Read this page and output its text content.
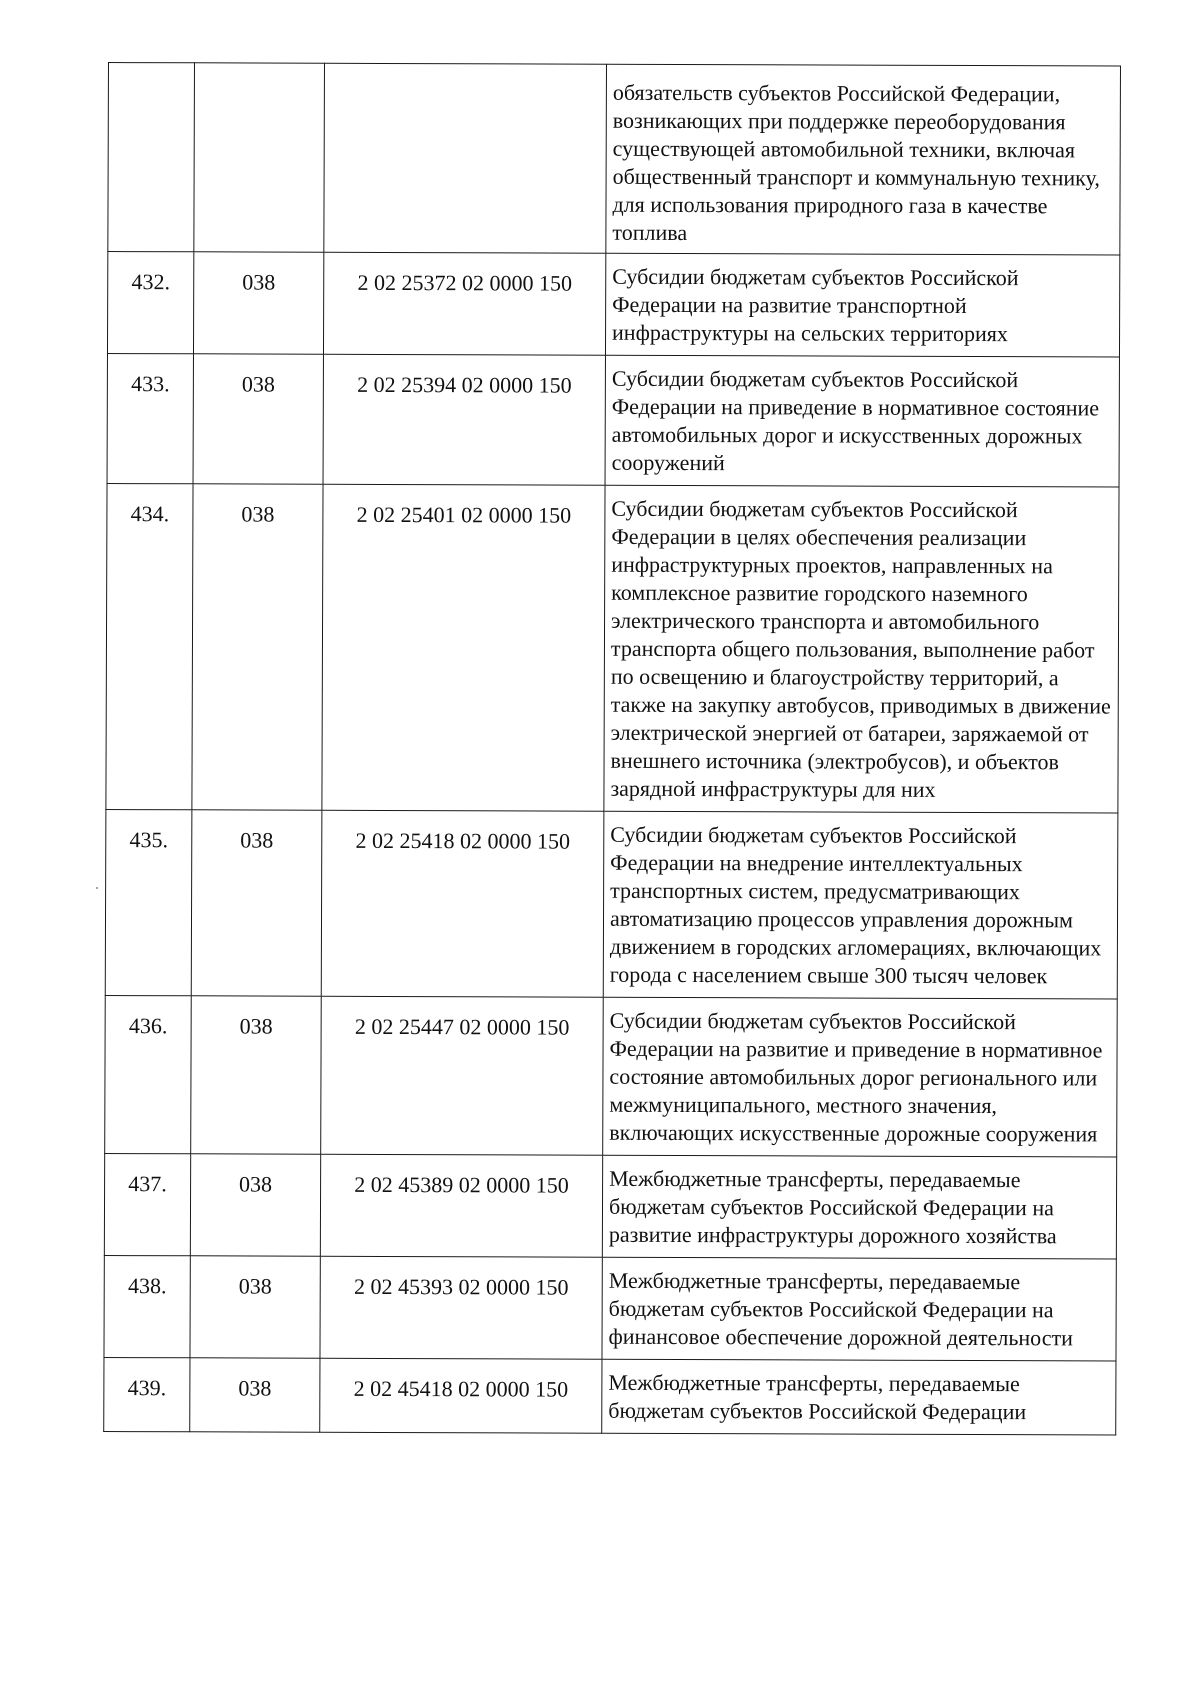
			обязательств субъектов Российской Федерации, возникающих при поддержке переоборудования существующей автомобильной техники, включая общественный транспорт и коммунальную технику, для использования природного газа в качестве топлива
432.	038	2 02 25372 02 0000 150	Субсидии бюджетам субъектов Российской Федерации на развитие транспортной инфраструктуры на сельских территориях
433.	038	2 02 25394 02 0000 150	Субсидии бюджетам субъектов Российской Федерации на приведение в нормативное состояние автомобильных дорог и искусственных дорожных сооружений
434.	038	2 02 25401 02 0000 150	Субсидии бюджетам субъектов Российской Федерации в целях обеспечения реализации инфраструктурных проектов, направленных на комплексное развитие городского наземного электрического транспорта и автомобильного транспорта общего пользования, выполнение работ по освещению и благоустройству территорий, а также на закупку автобусов, приводимых в движение электрической энергией от батареи, заряжаемой от внешнего источника (электробусов), и объектов зарядной инфраструктуры для них
435.	038	2 02 25418 02 0000 150	Субсидии бюджетам субъектов Российской Федерации на внедрение интеллектуальных транспортных систем, предусматривающих автоматизацию процессов управления дорожным движением в городских агломерациях, включающих города с населением свыше 300 тысяч человек
436.	038	2 02 25447 02 0000 150	Субсидии бюджетам субъектов Российской Федерации на развитие и приведение в нормативное состояние автомобильных дорог регионального или межмуниципального, местного значения, включающих искусственные дорожные сооружения
437.	038	2 02 45389 02 0000 150	Межбюджетные трансферты, передаваемые бюджетам субъектов Российской Федерации на развитие инфраструктуры дорожного хозяйства
438.	038	2 02 45393 02 0000 150	Межбюджетные трансферты, передаваемые бюджетам субъектов Российской Федерации на финансовое обеспечение дорожной деятельности
439.	038	2 02 45418 02 0000 150	Межбюджетные трансферты, передаваемые бюджетам субъектов Российской Федерации
